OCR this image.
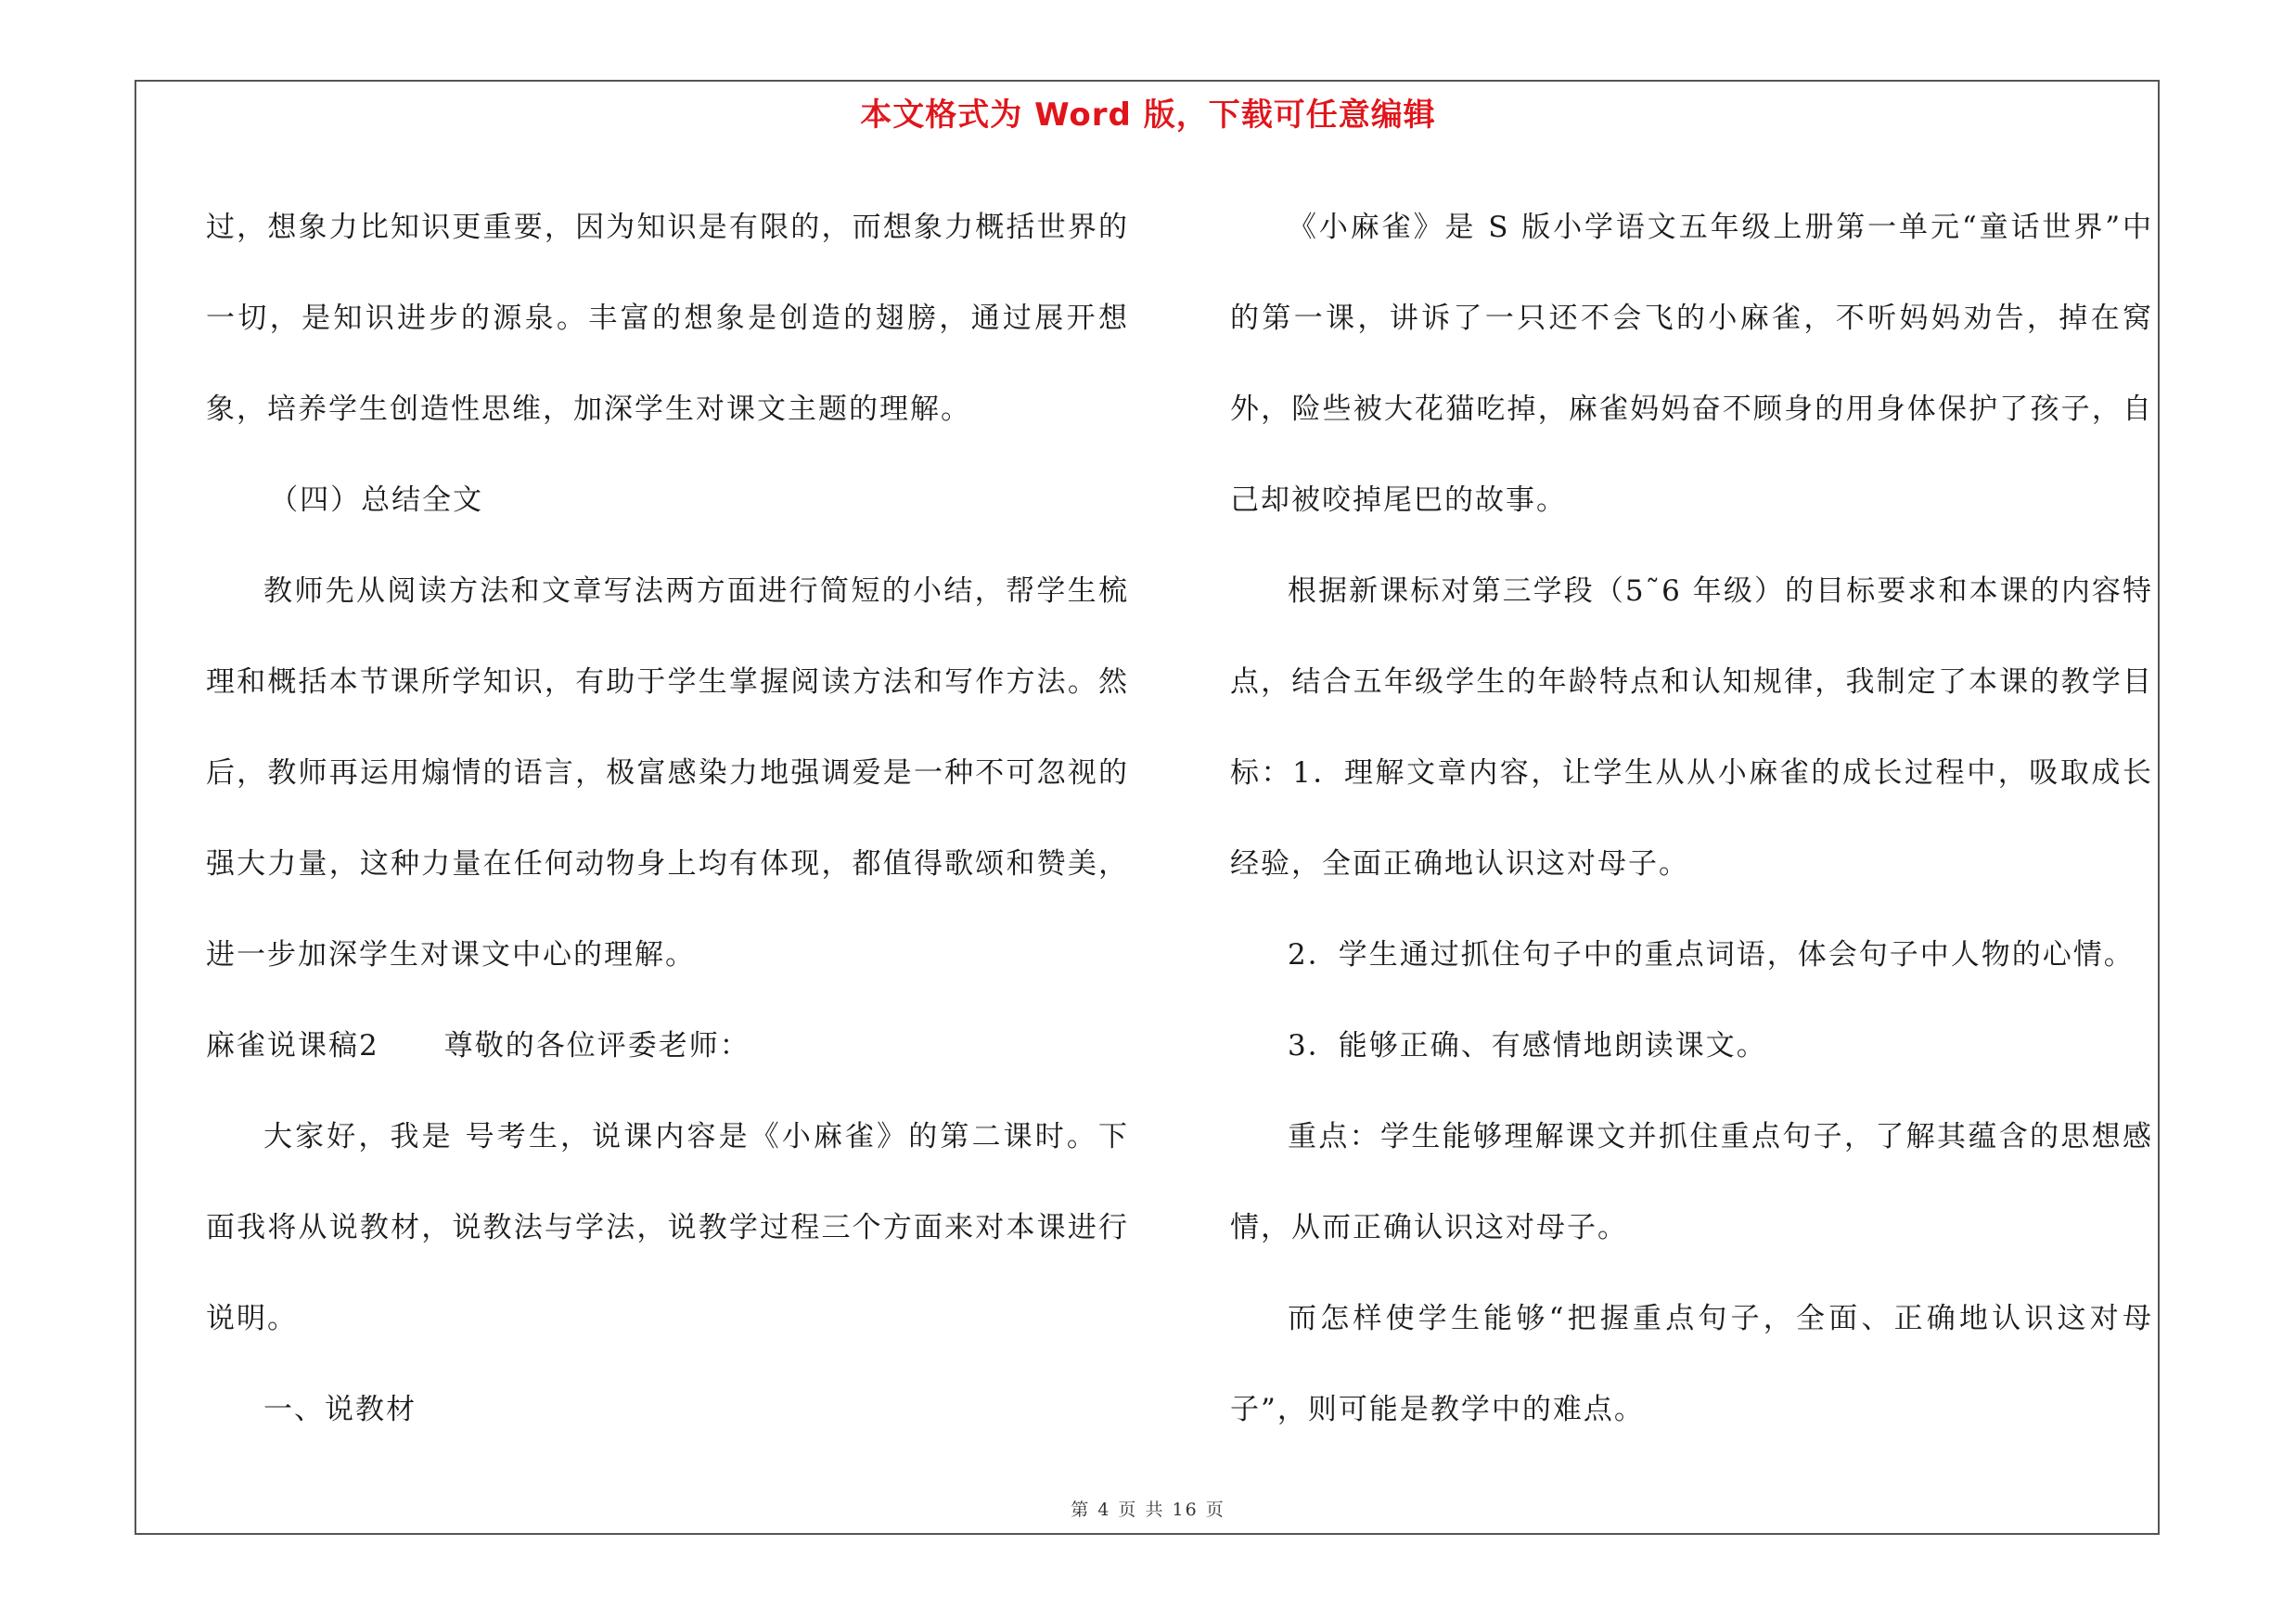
本文格式为 Word 版，下载可任意编辑

过，想象力比知识更重要，因为知识是有限的，而想象力概括世界的一切，是知识进步的源泉。丰富的想象是创造的翅膀，通过展开想象，培养学生创造性思维，加深学生对课文主题的理解。

（四）总结全文

教师先从阅读方法和文章写法两方面进行简短的小结，帮学生梳理和概括本节课所学知识，有助于学生掌握阅读方法和写作方法。然后，教师再运用煽情的语言，极富感染力地强调爱是一种不可忽视的强大力量，这种力量在任何动物身上均有体现，都值得歌颂和赞美，进一步加深学生对课文中心的理解。

麻雀说课稿2 尊敬的各位评委老师：

大家好，我是 号考生，说课内容是《小麻雀》的第二课时。下面我将从说教材，说教法与学法，说教学过程三个方面来对本课进行说明。

一、说教材

《小麻雀》是 S 版小学语文五年级上册第一单元“童话世界”中的第一课，讲诉了一只还不会飞的小麻雀，不听妈妈劝告，掉在窝外，险些被大花猫吃掉，麻雀妈妈奋不顾身的用身体保护了孩子，自己却被咬掉尾巴的故事。

根据新课标对第三学段（5˜6 年级）的目标要求和本课的内容特点，结合五年级学生的年龄特点和认知规律，我制定了本课的教学目标：1．理解文章内容，让学生从从小麻雀的成长过程中，吸取成长经验，全面正确地认识这对母子。

2．学生通过抓住句子中的重点词语，体会句子中人物的心情。

3．能够正确、有感情地朗读课文。

重点：学生能够理解课文并抓住重点句子，了解其蕴含的思想感情，从而正确认识这对母子。

而怎样使学生能够“把握重点句子，全面、正确地认识这对母子”，则可能是教学中的难点。

第 4 页 共 16 页
